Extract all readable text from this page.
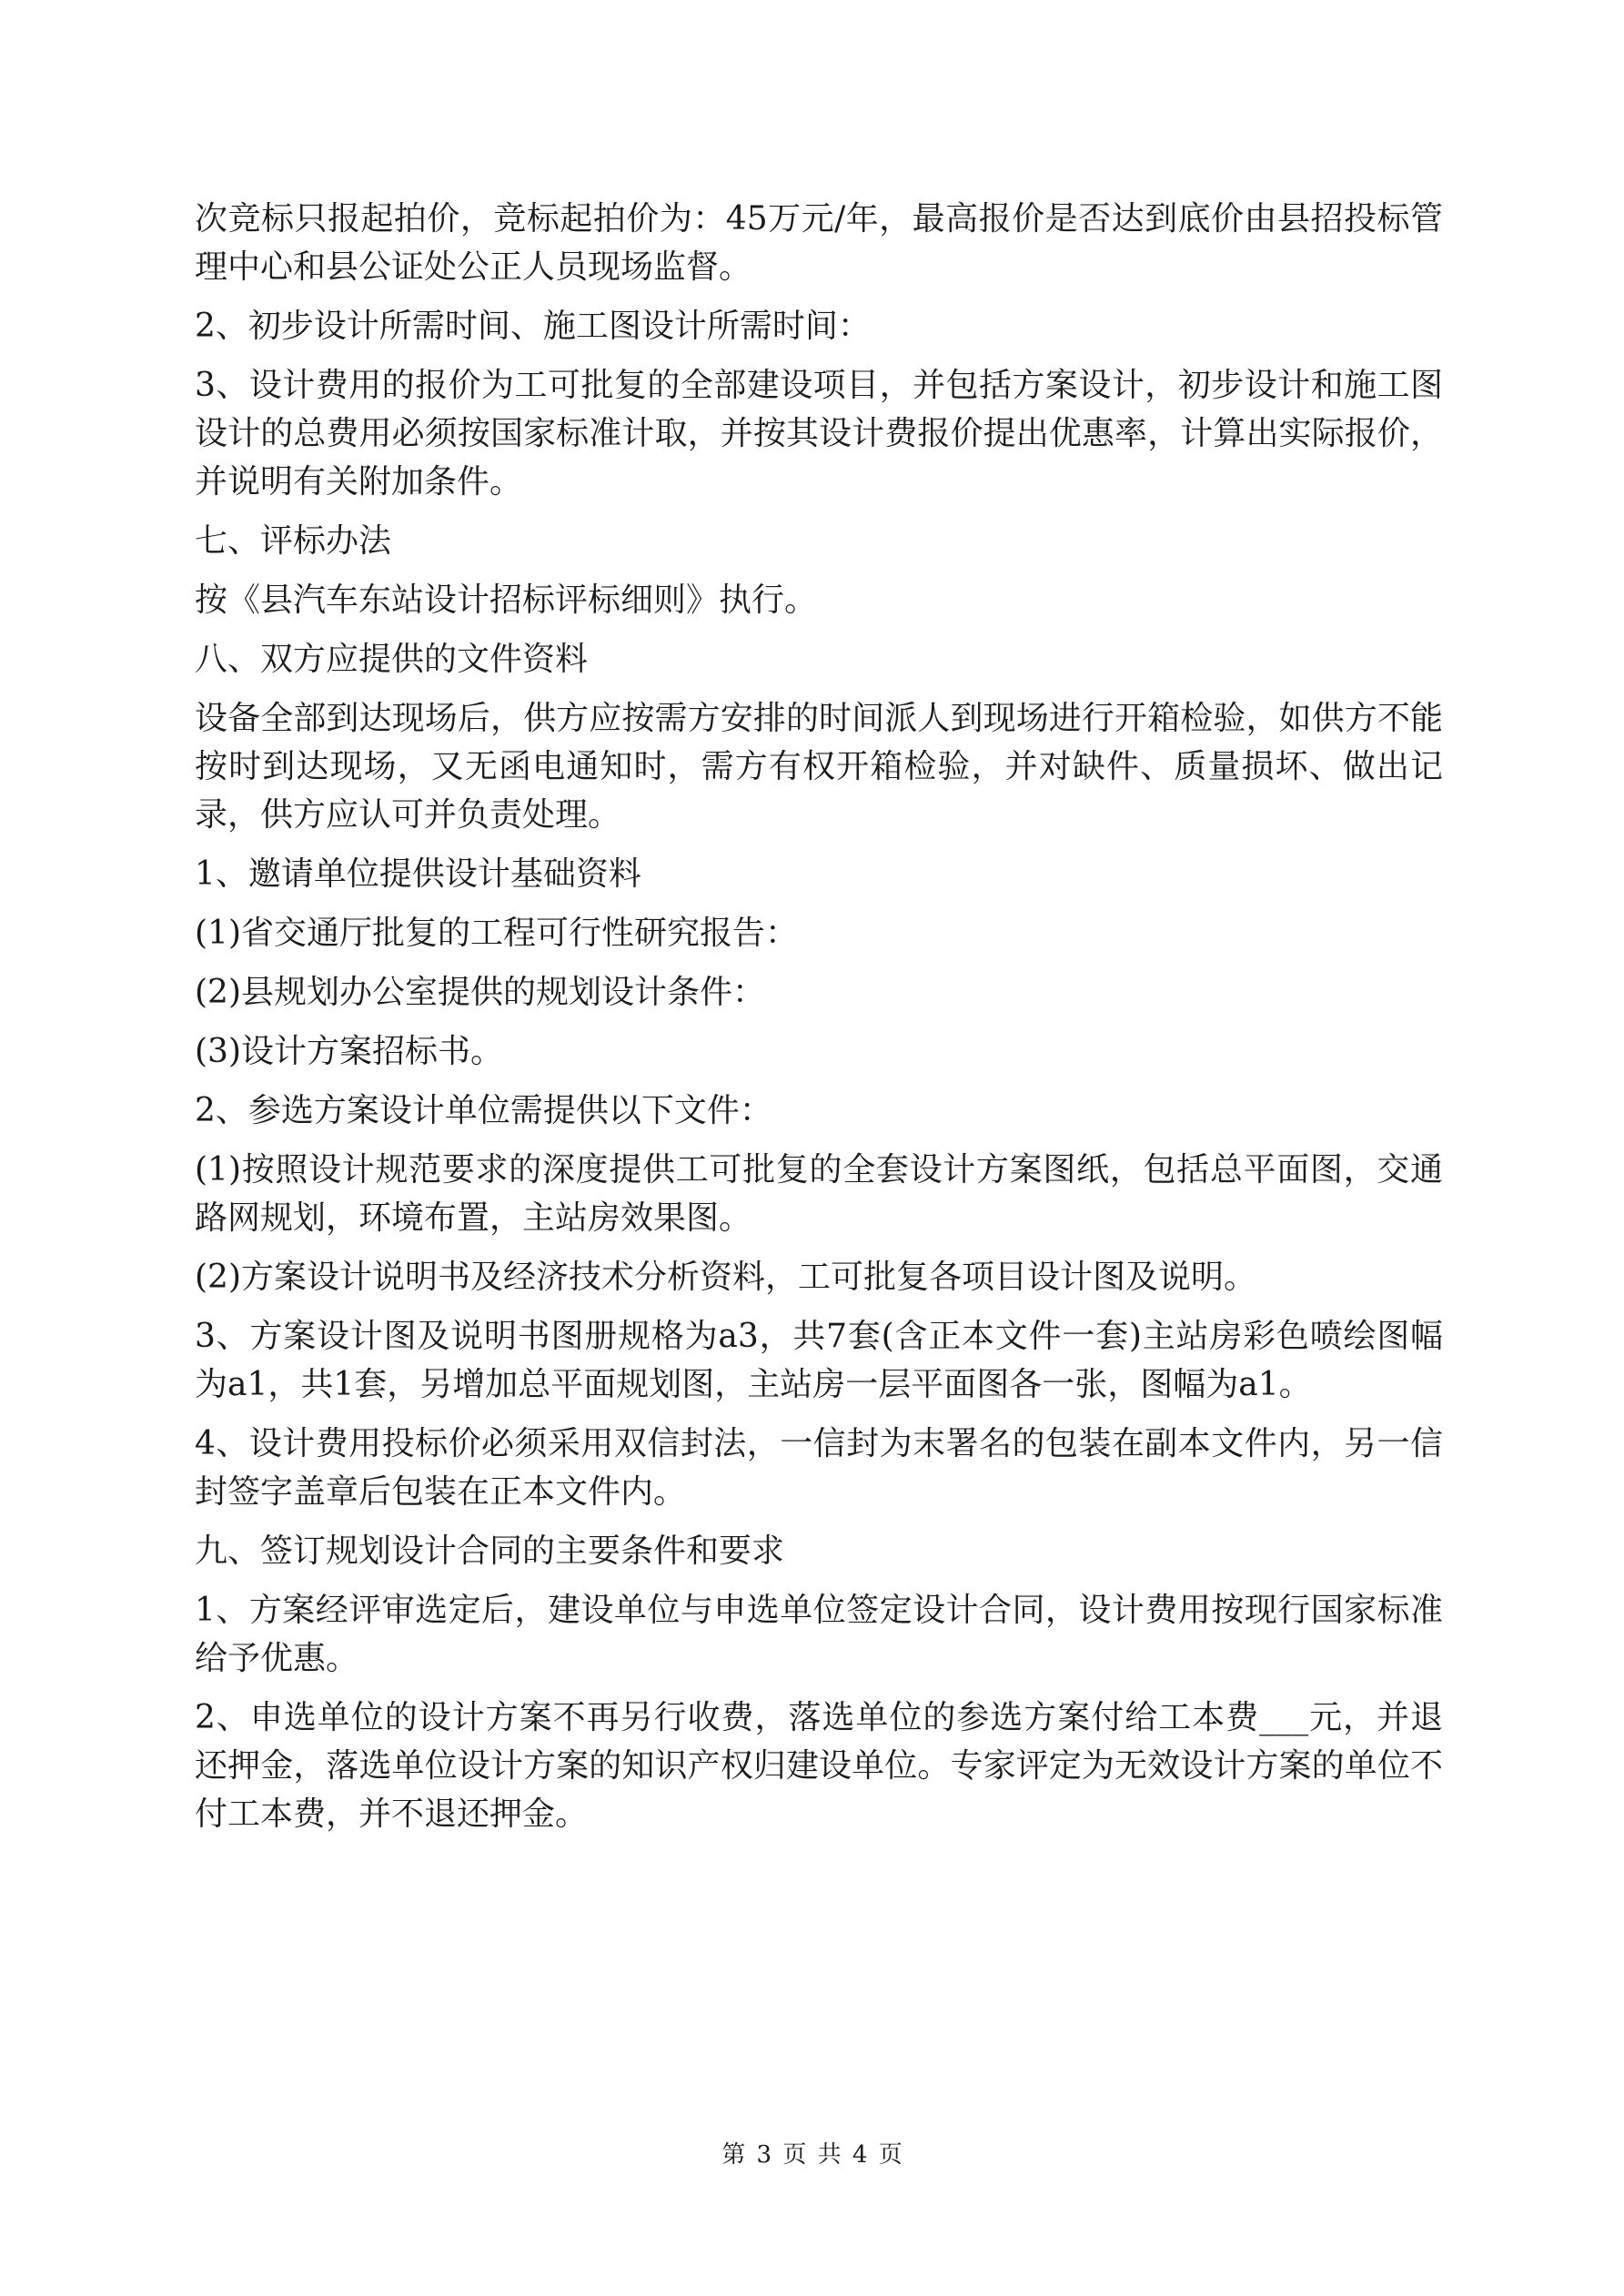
次竞标只报起拍价，竞标起拍价为：45万元/年，最高报价是否达到底价由县招投标管理中心和县公证处公正人员现场监督。

2、初步设计所需时间、施工图设计所需时间：

3、设计费用的报价为工可批复的全部建设项目，并包括方案设计，初步设计和施工图设计的总费用必须按国家标准计取，并按其设计费报价提出优惠率，计算出实际报价，并说明有关附加条件。

七、评标办法

按《县汽车东站设计招标评标细则》执行。

八、双方应提供的文件资料

设备全部到达现场后，供方应按需方安排的时间派人到现场进行开箱检验，如供方不能按时到达现场，又无函电通知时，需方有权开箱检验，并对缺件、质量损坏、做出记录，供方应认可并负责处理。

1、邀请单位提供设计基础资料

(1)省交通厅批复的工程可行性研究报告：

(2)县规划办公室提供的规划设计条件：

(3)设计方案招标书。

2、参选方案设计单位需提供以下文件：

(1)按照设计规范要求的深度提供工可批复的全套设计方案图纸，包括总平面图，交通路网规划，环境布置，主站房效果图。

(2)方案设计说明书及经济技术分析资料，工可批复各项目设计图及说明。

3、方案设计图及说明书图册规格为a3，共7套(含正本文件一套)主站房彩色喷绘图幅为a1，共1套，另增加总平面规划图，主站房一层平面图各一张，图幅为a1。

4、设计费用投标价必须采用双信封法，一信封为末署名的包装在副本文件内，另一信封签字盖章后包装在正本文件内。

九、签订规划设计合同的主要条件和要求

1、方案经评审选定后，建设单位与申选单位签定设计合同，设计费用按现行国家标准给予优惠。

2、申选单位的设计方案不再另行收费，落选单位的参选方案付给工本费___元，并退还押金，落选单位设计方案的知识产权归建设单位。专家评定为无效设计方案的单位不付工本费，并不退还押金。

第 3 页 共 4 页
